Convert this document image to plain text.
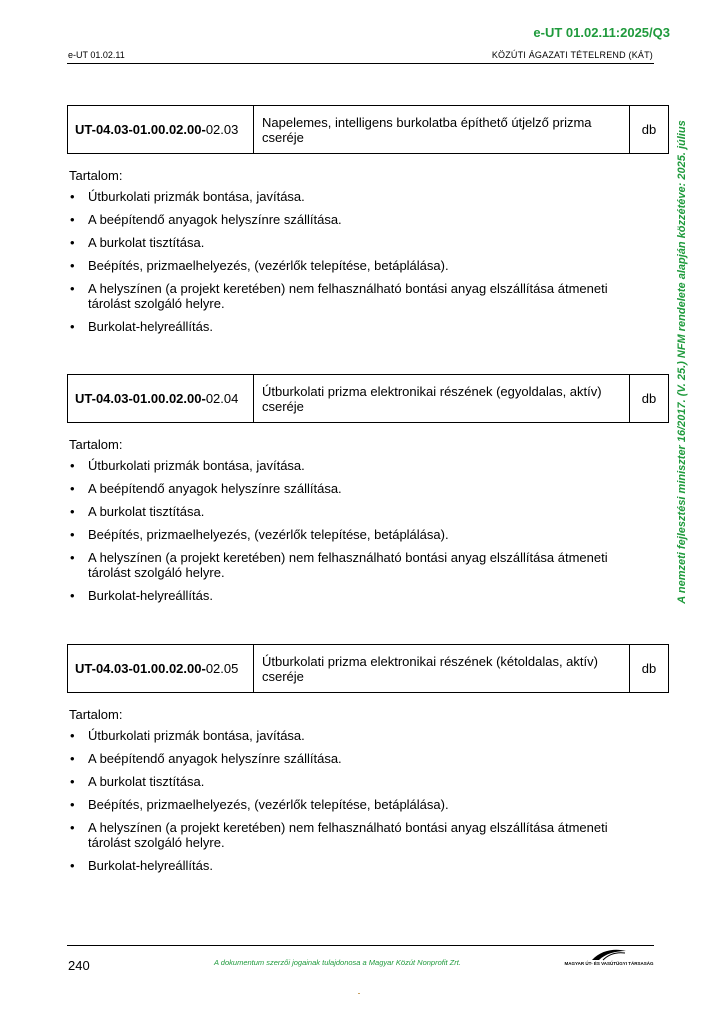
e-UT 01.02.11:2025/Q3
e-UT 01.02.11	KÖZÚTI ÁGAZATI TÉTELREND (KÁT)
A nemzeti fejlesztési miniszter 16/2017. (V. 25.) NFM rendelete alapján közzétéve: 2025. július
UT-04.03-01.00.02.00-02.03	Napelemes, intelligens burkolatba építhető útjelző prizma cseréje	db
Tartalom:
• Útburkolati prizmák bontása, javítása.
• A beépítendő anyagok helyszínre szállítása.
• A burkolat tisztítása.
• Beépítés, prizmaelhelyezés, (vezérlők telepítése, betáplálása).
• A helyszínen (a projekt keretében) nem felhasználható bontási anyag elszállítása átmeneti tárolást szolgáló helyre.
• Burkolat-helyreállítás.
UT-04.03-01.00.02.00-02.04	Útburkolati prizma elektronikai részének (egyoldalas, aktív) cseréje	db
Tartalom:
• Útburkolati prizmák bontása, javítása.
• A beépítendő anyagok helyszínre szállítása.
• A burkolat tisztítása.
• Beépítés, prizmaelhelyezés, (vezérlők telepítése, betáplálása).
• A helyszínen (a projekt keretében) nem felhasználható bontási anyag elszállítása átmeneti tárolást szolgáló helyre.
• Burkolat-helyreállítás.
UT-04.03-01.00.02.00-02.05	Útburkolati prizma elektronikai részének (kétoldalas, aktív) cseréje	db
Tartalom:
• Útburkolati prizmák bontása, javítása.
• A beépítendő anyagok helyszínre szállítása.
• A burkolat tisztítása.
• Beépítés, prizmaelhelyezés, (vezérlők telepítése, betáplálása).
• A helyszínen (a projekt keretében) nem felhasználható bontási anyag elszállítása átmeneti tárolást szolgáló helyre.
• Burkolat-helyreállítás.
240	A dokumentum szerzői jogainak tulajdonosa a Magyar Közút Nonprofit Zrt.	MAGYAR ÚT- ÉS VASÚTÜGYI TÁRSASÁG
